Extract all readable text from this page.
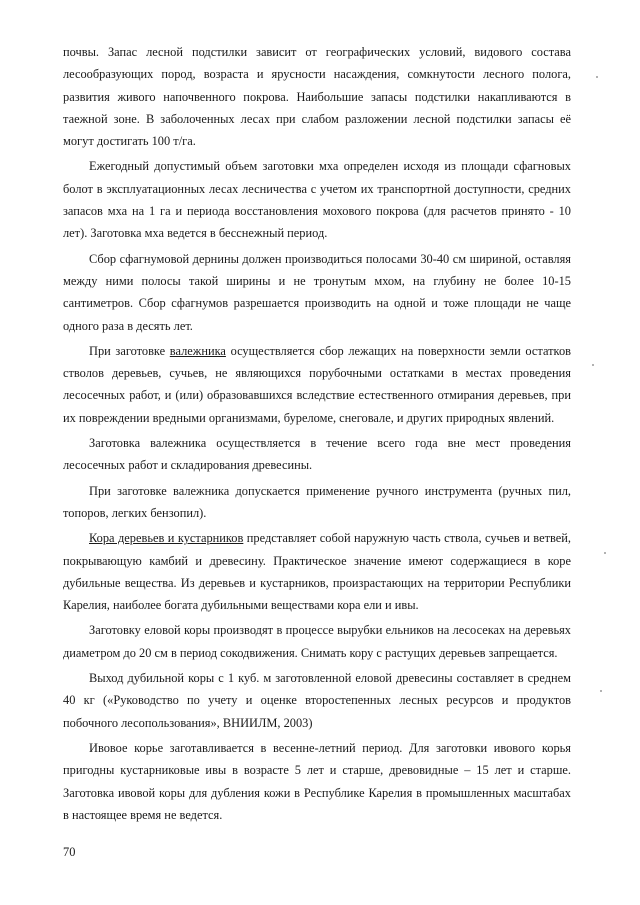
почвы. Запас лесной подстилки зависит от географических условий, видового состава лесообразующих пород, возраста и ярусности насаждения, сомкнутости лесного полога, развития живого напочвенного покрова. Наибольшие запасы подстилки накапливаются в таежной зоне. В заболоченных лесах при слабом разложении лесной подстилки запасы её могут достигать 100 т/га.

Ежегодный допустимый объем заготовки мха определен исходя из площади сфагновых болот в эксплуатационных лесах лесничества с учетом их транспортной доступности, средних запасов мха на 1 га и периода восстановления мохового покрова (для расчетов принято - 10 лет). Заготовка мха ведется в бесснежный период.

Сбор сфагнумовой дернины должен производиться полосами 30-40 см шириной, оставляя между ними полосы такой ширины и не тронутым мхом, на глубину не более 10-15 сантиметров. Сбор сфагнумов разрешается производить на одной и тоже площади не чаще одного раза в десять лет.

При заготовке валежника осуществляется сбор лежащих на поверхности земли остатков стволов деревьев, сучьев, не являющихся порубочными остатками в местах проведения лесосечных работ, и (или) образовавшихся вследствие естественного отмирания деревьев, при их повреждении вредными организмами, буреломе, снеговале, и других природных явлений.

Заготовка валежника осуществляется в течение всего года вне мест проведения лесосечных работ и складирования древесины.

При заготовке валежника допускается применение ручного инструмента (ручных пил, топоров, легких бензопил).

Кора деревьев и кустарников представляет собой наружную часть ствола, сучьев и ветвей, покрывающую камбий и древесину. Практическое значение имеют содержащиеся в коре дубильные вещества. Из деревьев и кустарников, произрастающих на территории Республики Карелия, наиболее богата дубильными веществами кора ели и ивы.

Заготовку еловой коры производят в процессе вырубки ельников на лесосеках на деревьях диаметром до 20 см в период сокодвижения. Снимать кору с растущих деревьев запрещается.

Выход дубильной коры с 1 куб. м заготовленной еловой древесины составляет в среднем 40 кг («Руководство по учету и оценке второстепенных лесных ресурсов и продуктов побочного лесопользования», ВНИИЛМ, 2003)

Ивовое корье заготавливается в весенне-летний период. Для заготовки ивового корья пригодны кустарниковые ивы в возрасте 5 лет и старше, древовидные – 15 лет и старше. Заготовка ивовой коры для дубления кожи в Республике Карелия в промышленных масштабах в настоящее время не ведется.

70
